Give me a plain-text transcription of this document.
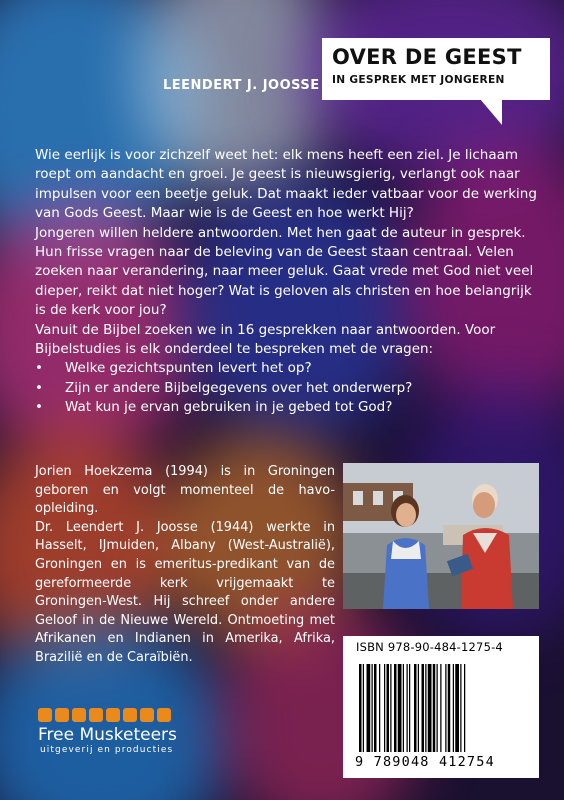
LEENDERT J. JOOSSE
OVER DE GEEST
IN GESPREK MET JONGEREN

Wie eerlijk is voor zichzelf weet het: elk mens heeft een ziel. Je lichaam roept om aandacht en groei. Je geest is nieuwsgierig, verlangt ook naar impulsen voor een beetje geluk. Dat maakt ieder vatbaar voor de werking van Gods Geest. Maar wie is de Geest en hoe werkt Hij?

Jongeren willen heldere antwoorden. Met hen gaat de auteur in gesprek. Hun frisse vragen naar de beleving van de Geest staan centraal. Velen zoeken naar verandering, naar meer geluk. Gaat vrede met God niet veel dieper, reikt dat niet hoger? Wat is geloven als christen en hoe belangrijk is de kerk voor jou?

Vanuit de Bijbel zoeken we in 16 gesprekken naar antwoorden. Voor Bijbelstudies is elk onderdeel te bespreken met de vragen:

• Welke gezichtspunten levert het op?
• Zijn er andere Bijbelgegevens over het onderwerp?
• Wat kun je ervan gebruiken in je gebed tot God?

Jorien Hoekzema (1994) is in Groningen geboren en volgt momenteel de havo-opleiding.

Dr. Leendert J. Joosse (1944) werkte in Hasselt, IJmuiden, Albany (West-Australië), Groningen en is emeritus-predikant van de gereformeerde kerk vrijgemaakt te Groningen-West. Hij schreef onder andere Geloof in de Nieuwe Wereld. Ontmoeting met Afrikanen en Indianen in Amerika, Afrika, Brazilië en de Caraïbiën.

ISBN 978-90-484-1275-4
9 789048 412754
Free Musketeers
uitgeverij en producties
